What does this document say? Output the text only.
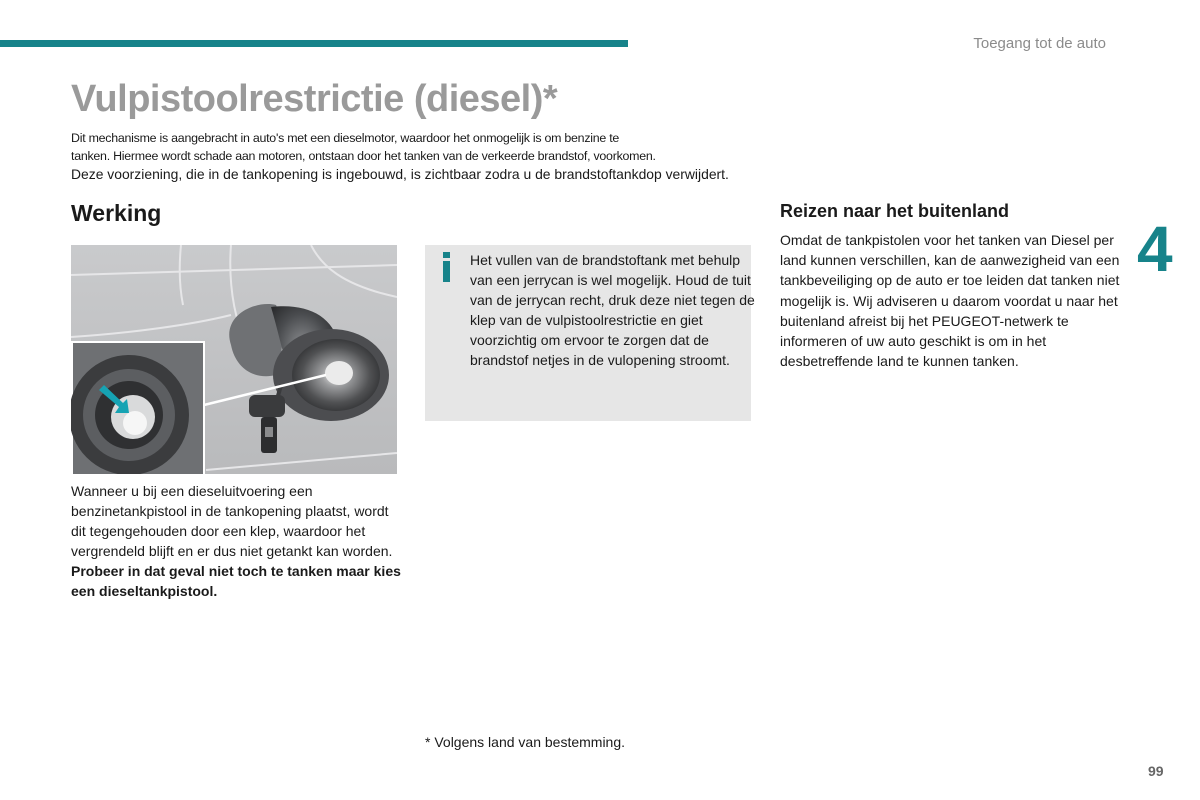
Toegang tot de auto
4
Vulpistoolrestrictie (diesel)*

Dit mechanisme is aangebracht in auto's met een dieselmotor, waardoor het onmogelijk is om benzine te

tanken. Hiermee wordt schade aan motoren, ontstaan door het tanken van de verkeerde brandstof, voorkomen.

Deze voorziening, die in de tankopening is ingebouwd, is zichtbaar zodra u de brandstoftankdop verwijdert.

Werking
Het vullen van de brandstoftank met behulp van een jerrycan is wel mogelijk. Houd de tuit van de jerrycan recht, druk deze niet tegen de klep van de vulpistoolrestrictie en giet voorzichtig om ervoor te zorgen dat de brandstof netjes in de vulopening stroomt.

Wanneer u bij een dieseluitvoering een benzinetankpistool in de tankopening plaatst, wordt dit tegengehouden door een klep, waardoor het vergrendeld blijft en er dus niet getankt kan worden.

Probeer in dat geval niet toch te tanken maar kies een dieseltankpistool.

Reizen naar het buitenland
Omdat de tankpistolen voor het tanken van Diesel per land kunnen verschillen, kan de aanwezigheid van een tankbeveiliging op de auto er toe leiden dat tanken niet mogelijk is. Wij adviseren u daarom voordat u naar het buitenland afreist bij het PEUGEOT-netwerk te informeren of uw auto geschikt is om in het desbetreffende land te kunnen tanken.
* Volgens land van bestemming.
99
